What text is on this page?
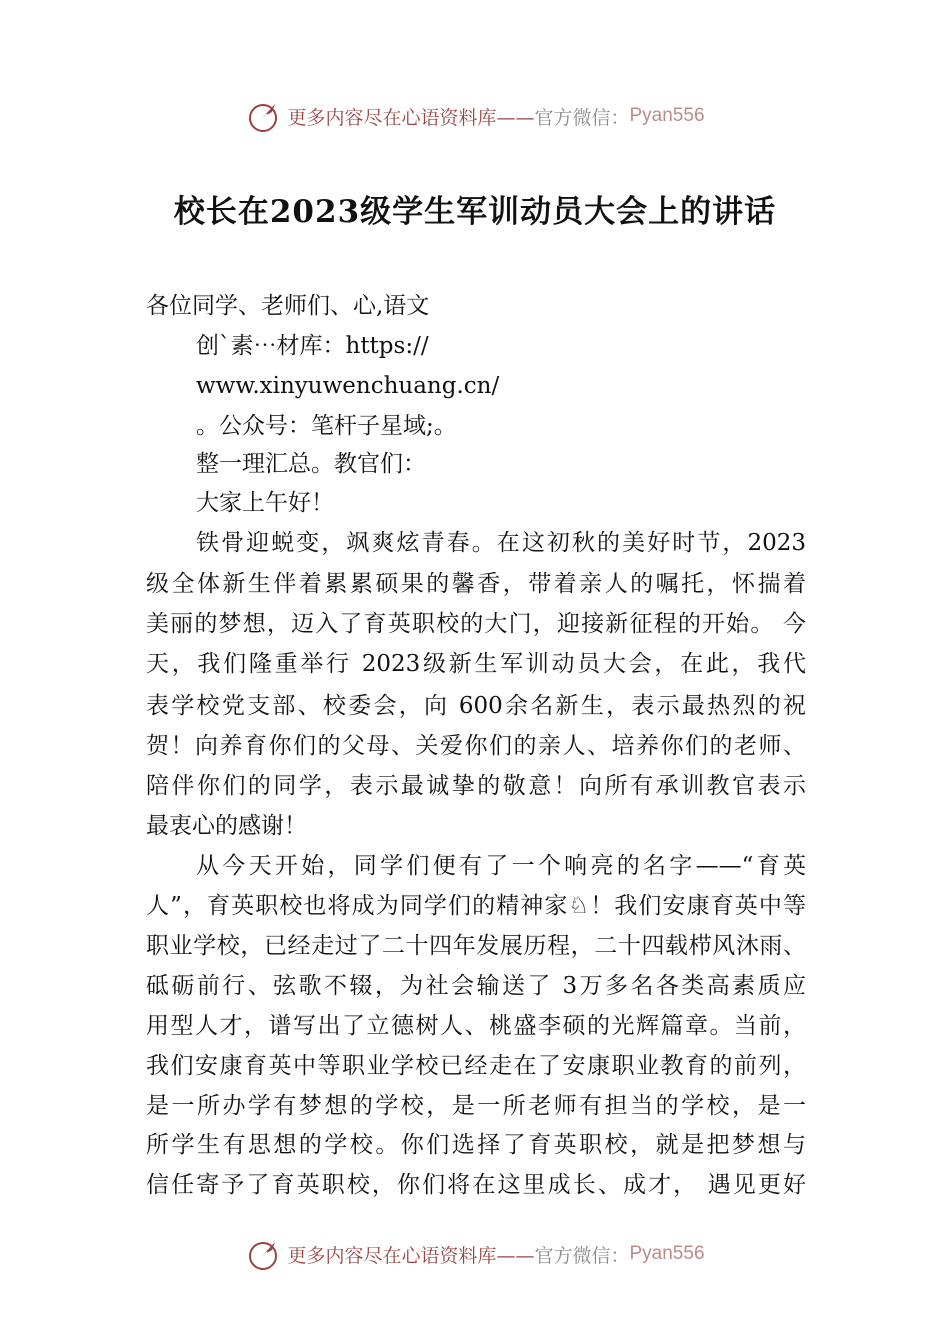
更多内容尽在心语资料库—— 官方微信： Pyan556
校长在2023级学生军训动员大会上的讲话
各位同学、老师们、心,语文
创`素⋯材库：https://
www.xinyuwenchuang.cn/
。公众号：笔杆子星域;。
整一理汇总。教官们：
大家上午好！
铁骨迎蜕变，飒爽炫青春。在这初秋的美好时节，2023
级全体新生伴着累累硕果的馨香，带着亲人的嘱托，怀揣着
美丽的梦想，迈入了育英职校的大门，迎接新征程的开始。 今
天，我们隆重举行 2023级新生军训动员大会，在此，我代
表学校党支部、校委会，向 600余名新生，表示最热烈的祝
贺！向养育你们的父母、关爱你们的亲人、培养你们的老师、
陪伴你们的同学，表示最诚挚的敬意！向所有承训教官表示
最衷心的感谢！
从今天开始，同学们便有了一个响亮的名字——“育英
人”，育英职校也将成为同学们的精神家♘！我们安康育英中等
职业学校，已经走过了二十四年发展历程，二十四载栉风沐雨、
砥砺前行、弦歌不辍，为社会输送了 3万多名各类高素质应
用型人才，谱写出了立德树人、桃盛李硕的光辉篇章。当前，
我们安康育英中等职业学校已经走在了安康职业教育的前列，
是一所办学有梦想的学校，是一所老师有担当的学校，是一
所学生有思想的学校。你们选择了育英职校，就是把梦想与
信任寄予了育英职校，你们将在这里成长、成才， 遇见更好
更多内容尽在心语资料库—— 官方微信： Pyan556
